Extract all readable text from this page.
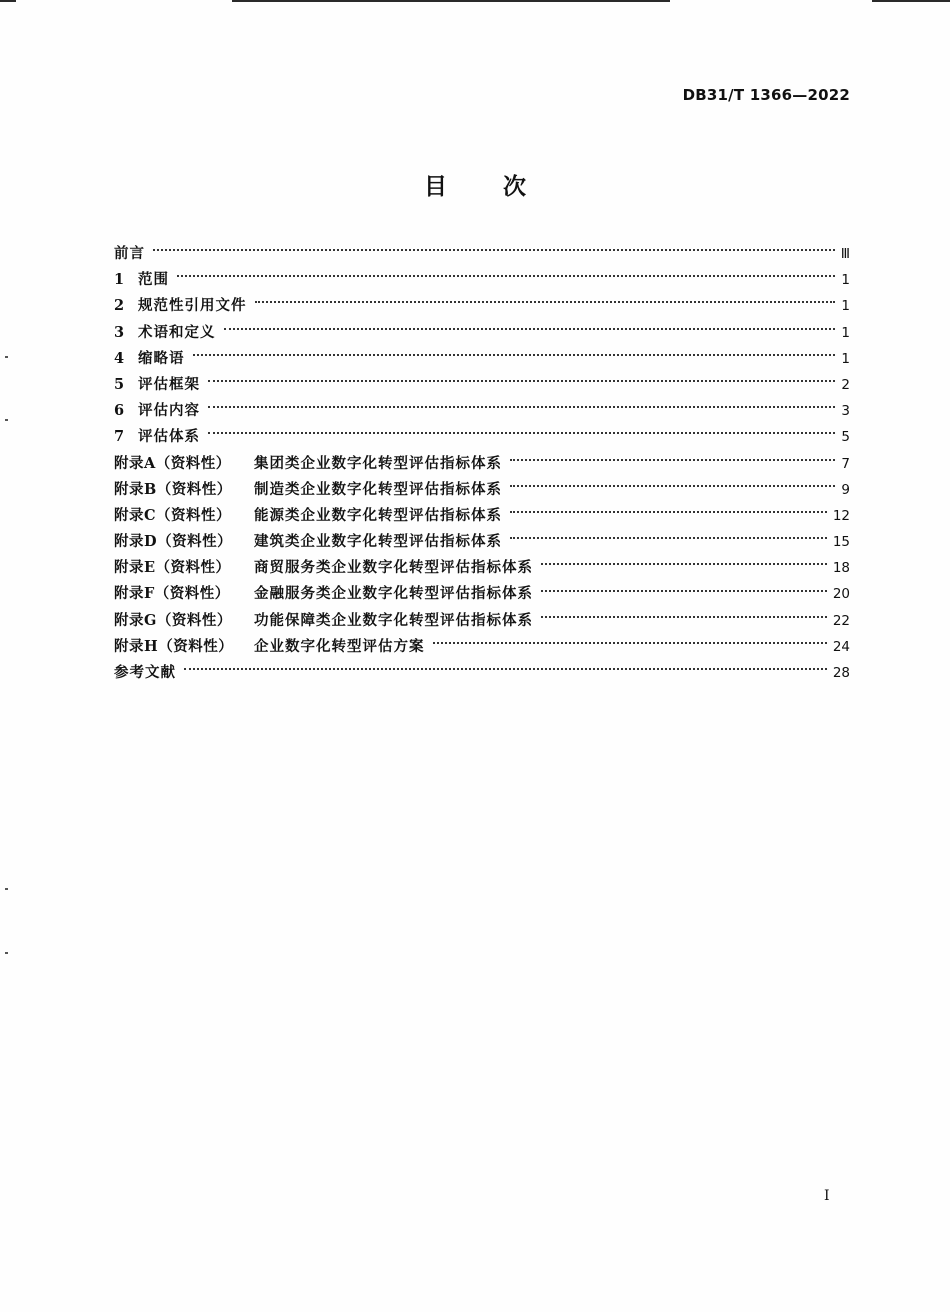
DB31/T 1366—2022
目次
前言	Ⅲ
1 范围	1
2 规范性引用文件	1
3 术语和定义	1
4 缩略语	1
5 评估框架	2
6 评估内容	3
7 评估体系	5
附录A（资料性）	集团类企业数字化转型评估指标体系	7
附录B（资料性）	制造类企业数字化转型评估指标体系	9
附录C（资料性）	能源类企业数字化转型评估指标体系	12
附录D（资料性）	建筑类企业数字化转型评估指标体系	15
附录E（资料性）	商贸服务类企业数字化转型评估指标体系	18
附录F（资料性）	金融服务类企业数字化转型评估指标体系	20
附录G（资料性）	功能保障类企业数字化转型评估指标体系	22
附录H（资料性）	企业数字化转型评估方案	24
参考文献	28
I
